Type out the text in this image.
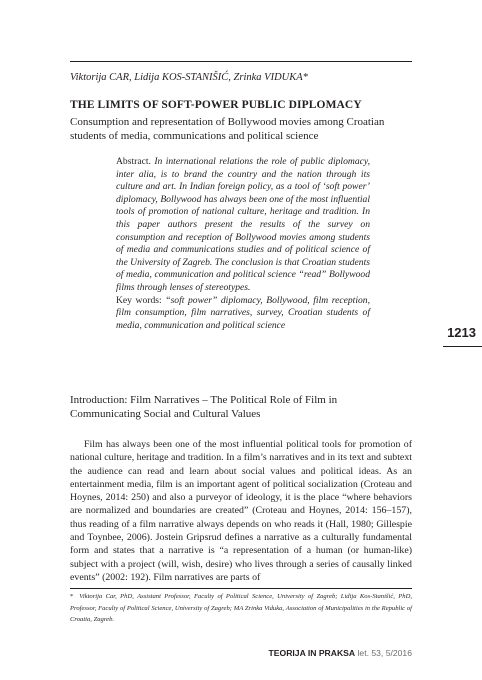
Viktorija CAR, Lidija KOS-STANIŠIĆ, Zrinka VIDUKA*

THE LIMITS OF SOFT-POWER PUBLIC DIPLOMACY

Consumption and representation of Bollywood movies among Croatian students of media, communications and political science

Abstract. In international relations the role of public diplomacy, inter alia, is to brand the country and the nation through its culture and art. In Indian foreign policy, as a tool of ‘soft power’ diplomacy, Bollywood has always been one of the most influential tools of promotion of national culture, heritage and tradition. In this paper authors present the results of the survey on consumption and reception of Bollywood movies among students of media and communications studies and of political science of the University of Zagreb. The conclusion is that Croatian students of media, communication and political science “read” Bollywood films through lenses of stereotypes.
Key words: “soft power” diplomacy, Bollywood, film reception, film consumption, film narratives, survey, Croatian students of media, communication and political science	1213

Introduction: Film Narratives – The Political Role of Film in Communicating Social and Cultural Values

Film has always been one of the most influential political tools for promotion of national culture, heritage and tradition. In a film’s narratives and in its text and subtext the audience can read and learn about social values and political ideas. As an entertainment media, film is an important agent of political socialization (Croteau and Hoynes, 2014: 250) and also a purveyor of ideology, it is the place “where behaviors are normalized and boundaries are created” (Croteau and Hoynes, 2014: 156–157), thus reading of a film narrative always depends on who reads it (Hall, 1980; Gillespie and Toynbee, 2006). Jostein Gripsrud defines a narrative as a culturally fundamental form and states that a narrative is “a representation of a human (or human-like) subject with a project (will, wish, desire) who lives through a series of causally linked events” (2002: 192). Film narratives are parts of

* Viktorija Car, PhD, Assistant Professor, Faculty of Political Science, University of Zagreb; Lidija Kos-Stanišić, PhD, Professor, Faculty of Political Science, University of Zagreb; MA Zrinka Viduka, Association of Municipalities in the Republic of Croatia, Zagreb.
TEORIJA IN PRAKSA let. 53, 5/2016
